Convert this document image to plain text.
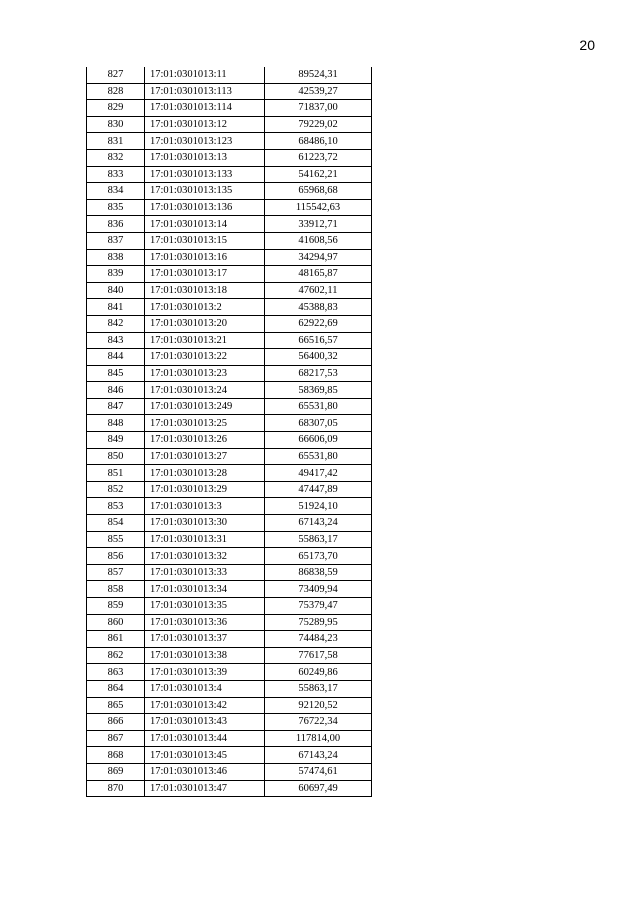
20
827	17:01:0301013:11	89524,31
828	17:01:0301013:113	42539,27
829	17:01:0301013:114	71837,00
830	17:01:0301013:12	79229,02
831	17:01:0301013:123	68486,10
832	17:01:0301013:13	61223,72
833	17:01:0301013:133	54162,21
834	17:01:0301013:135	65968,68
835	17:01:0301013:136	115542,63
836	17:01:0301013:14	33912,71
837	17:01:0301013:15	41608,56
838	17:01:0301013:16	34294,97
839	17:01:0301013:17	48165,87
840	17:01:0301013:18	47602,11
841	17:01:0301013:2	45388,83
842	17:01:0301013:20	62922,69
843	17:01:0301013:21	66516,57
844	17:01:0301013:22	56400,32
845	17:01:0301013:23	68217,53
846	17:01:0301013:24	58369,85
847	17:01:0301013:249	65531,80
848	17:01:0301013:25	68307,05
849	17:01:0301013:26	66606,09
850	17:01:0301013:27	65531,80
851	17:01:0301013:28	49417,42
852	17:01:0301013:29	47447,89
853	17:01:0301013:3	51924,10
854	17:01:0301013:30	67143,24
855	17:01:0301013:31	55863,17
856	17:01:0301013:32	65173,70
857	17:01:0301013:33	86838,59
858	17:01:0301013:34	73409,94
859	17:01:0301013:35	75379,47
860	17:01:0301013:36	75289,95
861	17:01:0301013:37	74484,23
862	17:01:0301013:38	77617,58
863	17:01:0301013:39	60249,86
864	17:01:0301013:4	55863,17
865	17:01:0301013:42	92120,52
866	17:01:0301013:43	76722,34
867	17:01:0301013:44	117814,00
868	17:01:0301013:45	67143,24
869	17:01:0301013:46	57474,61
870	17:01:0301013:47	60697,49
